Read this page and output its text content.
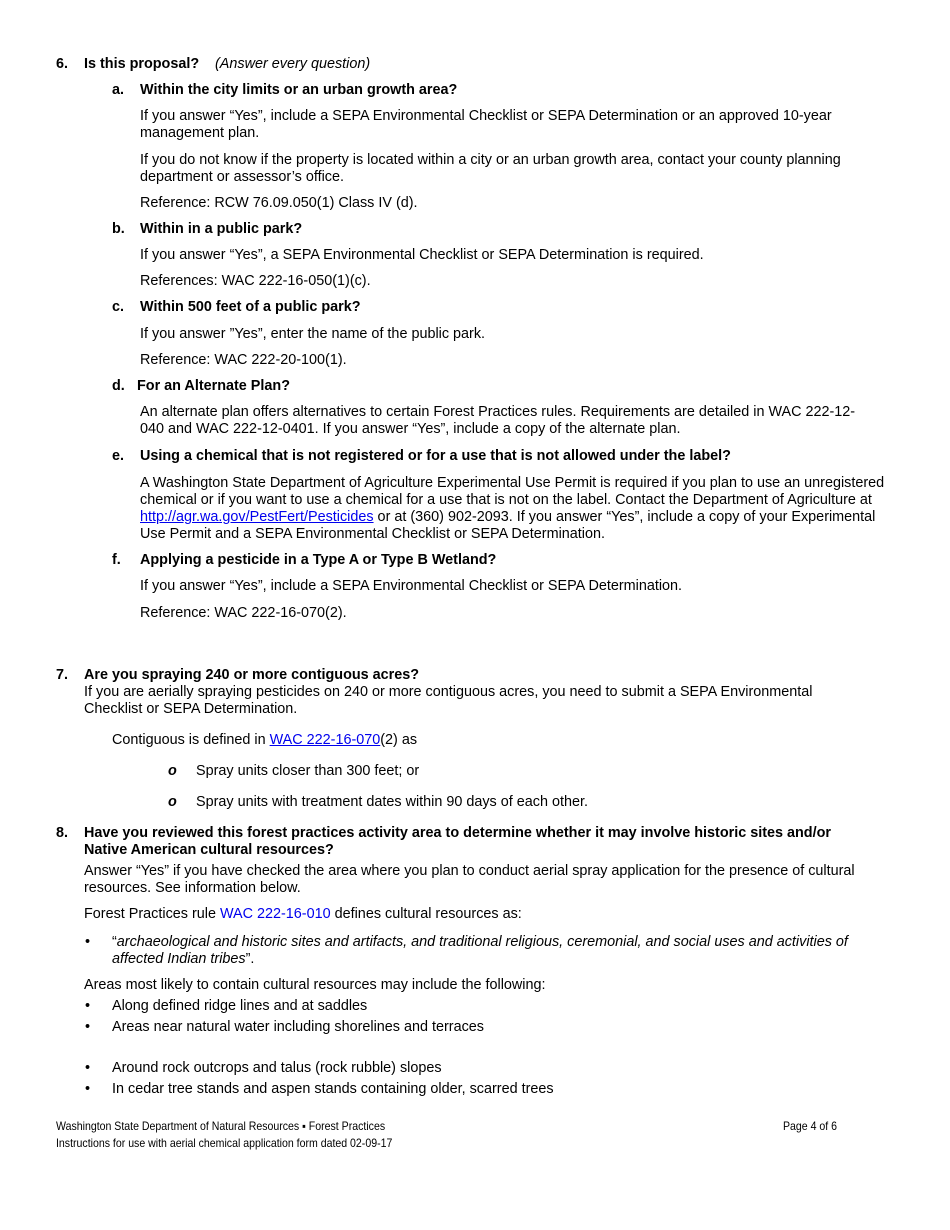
6. Is this proposal? (Answer every question)
a. Within the city limits or an urban growth area?

If you answer “Yes”, include a SEPA Environmental Checklist or SEPA Determination or an approved 10-year management plan.

If you do not know if the property is located within a city or an urban growth area, contact your county planning department or assessor’s office.

Reference: RCW 76.09.050(1) Class IV (d).

b. Within in a public park?

If you answer “Yes”, a SEPA Environmental Checklist or SEPA Determination is required.

References: WAC 222-16-050(1)(c).

c. Within 500 feet of a public park?

If you answer ”Yes”, enter the name of the public park.

Reference: WAC 222-20-100(1).

d. For an Alternate Plan?

An alternate plan offers alternatives to certain Forest Practices rules. Requirements are detailed in WAC 222-12-
040 and WAC 222-12-0401. If you answer “Yes”, include a copy of the alternate plan.

e. Using a chemical that is not registered or for a use that is not allowed under the label?

A Washington State Department of Agriculture Experimental Use Permit is required if you plan to use an unregistered chemical or if you want to use a chemical for a use that is not on the label. Contact the Department of Agriculture at http://agr.wa.gov/PestFert/Pesticides or at (360) 902-2093. If you answer “Yes”, include a copy of your Experimental Use Permit and a SEPA Environmental Checklist or SEPA Determination.

f. Applying a pesticide in a Type A or Type B Wetland?

If you answer “Yes”, include a SEPA Environmental Checklist or SEPA Determination.

Reference: WAC 222-16-070(2).

7. Are you spraying 240 or more contiguous acres?

If you are aerially spraying pesticides on 240 or more contiguous acres, you need to submit a SEPA Environmental Checklist or SEPA Determination.

Contiguous is defined in WAC 222-16-070(2) as

o Spray units closer than 300 feet; or

o Spray units with treatment dates within 90 days of each other.

8. Have you reviewed this forest practices activity area to determine whether it may involve historic sites and/or Native American cultural resources?

Answer “Yes” if you have checked the area where you plan to conduct aerial spray application for the presence of cultural resources. See information below.

Forest Practices rule WAC 222-16-010 defines cultural resources as:

• “archaeological and historic sites and artifacts, and traditional religious, ceremonial, and social uses and activities of affected Indian tribes”.

Areas most likely to contain cultural resources may include the following:

• Along defined ridge lines and at saddles

• Areas near natural water including shorelines and terraces

• Around rock outcrops and talus (rock rubble) slopes

• In cedar tree stands and aspen stands containing older, scarred trees

Washington State Department of Natural Resources ▪ Forest Practices
Instructions for use with aerial chemical application form dated 02-09-17
Page 4 of 6
